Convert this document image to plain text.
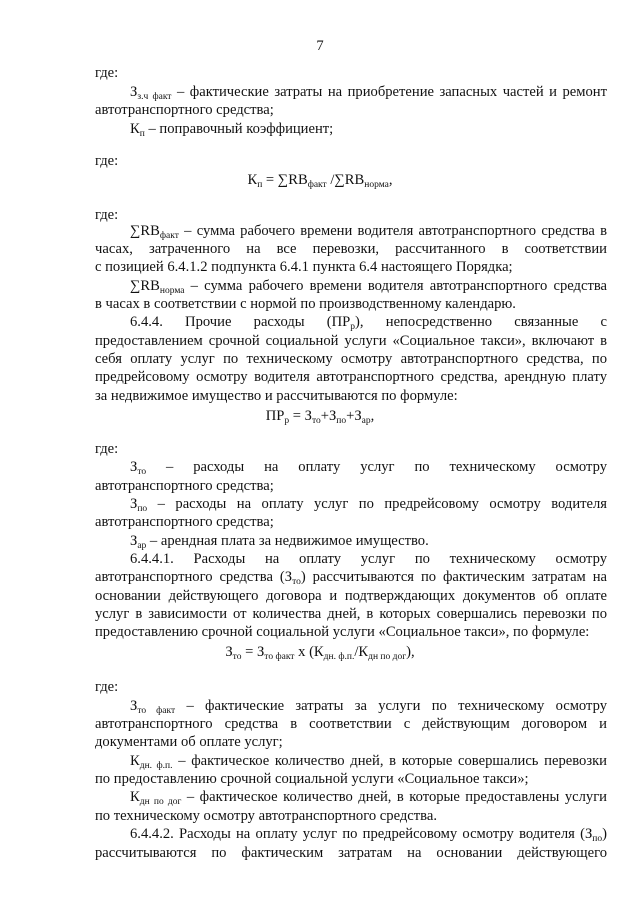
7
где:
$З_{з.ч факт}$ – фактические затраты на приобретение запасных частей и ремонт
автотранспортного средства;
$К_п$ – поправочный коэффициент;
где:
$К_п = \sum RB_{факт}$ $/\sum RB_{норма}$,
где:
$\sum RB_{факт}$ – сумма рабочего времени водителя автотранспортного средства в
часах, затраченного на все перевозки, рассчитанного в соответствии
с позицией 6.4.1.2 подпункта 6.4.1 пункта 6.4 настоящего Порядка;
$\sum RB_{норма}$ – сумма рабочего времени водителя автотранспортного средства
в часах в соответствии с нормой по производственному календарю.
6.4.4. Прочие расходы $(ПР_р)$, непосредственно связанные с
предоставлением срочной социальной услуги «Социальное такси», включают в
себя оплату услуг по техническому осмотру автотранспортного средства, по
предрейсовому осмотру водителя автотранспортного средства, арендную плату
за недвижимое имущество и рассчитываются по формуле:
$ПР_р = З_{то}+З_{по}+З_{ар}$,
где:
$З_{то}$ – расходы на оплату услуг по техническому осмотру
автотранспортного средства;
$З_{по}$ – расходы на оплату услуг по предрейсовому осмотру водителя
автотранспортного средства;
$З_{ар}$ – арендная плата за недвижимое имущество.
6.4.4.1. Расходы на оплату услуг по техническому осмотру
автотранспортного средства $(З_{то})$ рассчитываются по фактическим затратам на
основании действующего договора и подтверждающих документов об оплате
услуг в зависимости от количества дней, в которых совершались перевозки по
предоставлению срочной социальной услуги «Социальное такси», по формуле:
$З_{то} = З_{то факт}$ х $(К_{дн. ф.п.}/К_{дн по дог})$,
где:
$З_{то факт}$ – фактические затраты за услуги по техническому осмотру
автотранспортного средства в соответствии с действующим договором и
документами об оплате услуг;
$К_{дн. ф.п.}$ – фактическое количество дней, в которые совершались перевозки
по предоставлению срочной социальной услуги «Социальное такси»;
$К_{дн по дог}$ – фактическое количество дней, в которые предоставлены услуги
по техническому осмотру автотранспортного средства.
6.4.4.2. Расходы на оплату услуг по предрейсовому осмотру водителя $(З_{по})$
рассчитываются по фактическим затратам на основании действующего
